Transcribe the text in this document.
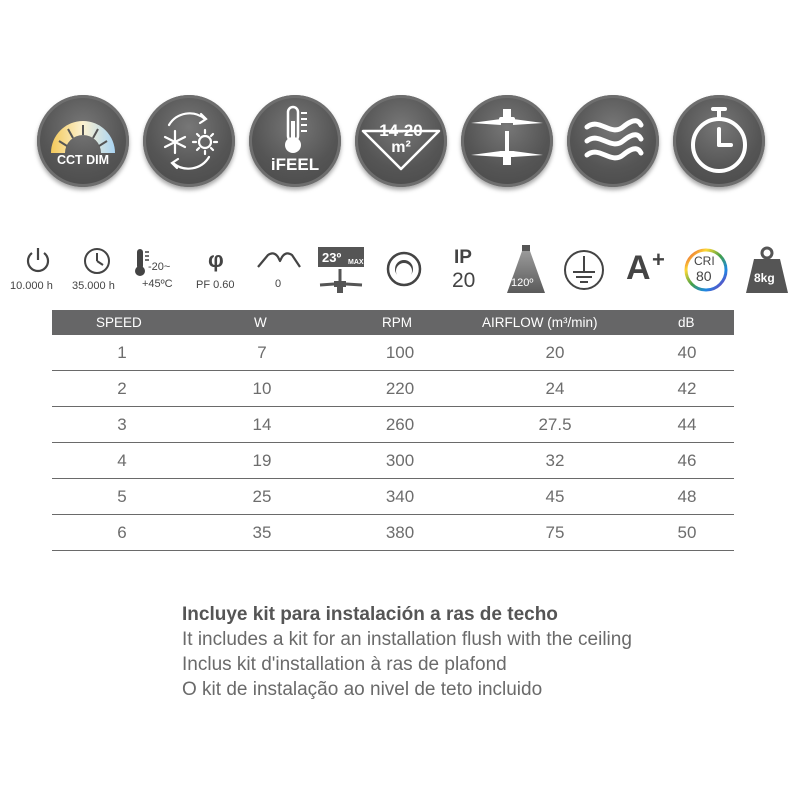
CCT DIM	iFEEL
14-20
m²
10.000 h 35.000 h
-20~
+45ºC
φ
PF 0.60	0
23º MAX	IP
20	120º	A + CRI
80	8kg
SPEED	W	RPM	AIRFLOW (m³/min)	dB
1	7	100	20	40
2	10	220	24	42
3	14	260	27.5	44
4	19	300	32	46
5	25	340	45	48
6	35	380	75	50
Incluye kit para instalación a ras de techo
It includes a kit for an installation flush with the ceiling
Inclus kit d'installation à ras de plafond
O kit de instalação ao nivel de teto incluido
